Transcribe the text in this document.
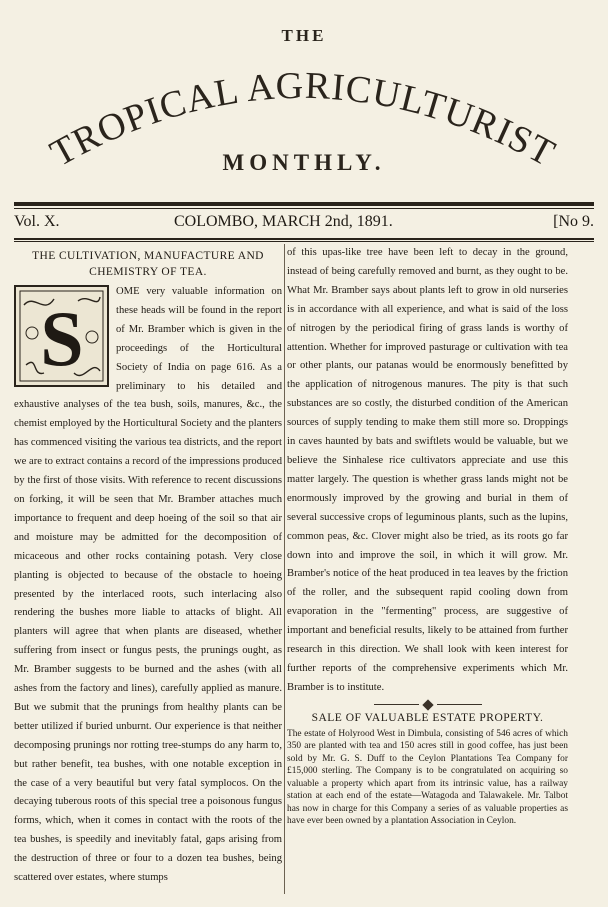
THE
TROPICAL AGRICULTURIST
MONTHLY.
Vol. X.	COLOMBO, MARCH 2nd, 1891.	[No 9.
THE CULTIVATION, MANUFACTURE AND CHEMISTRY OF TEA.
S

OME very valuable information on these heads will be found in the report of Mr. Bramber which is given in the proceedings of the Horticultural Society of India on page 616. As a preliminary to his detailed and exhaustive analyses of the tea bush, soils, manures, &c., the chemist employed by the Horticultural Society and the planters has commenced visiting the various tea districts, and the report we are to extract contains a record of the impressions produced by the first of those visits. With reference to recent discussions on forking, it will be seen that Mr. Bramber attaches much importance to frequent and deep hoeing of the soil so that air and moisture may be admitted for the decomposition of micaceous and other rocks containing potash. Very close planting is objected to because of the obstacle to hoeing presented by the interlaced roots, such interlacing also rendering the bushes more liable to attacks of blight. All planters will agree that when plants are diseased, whether suffering from insect or fungus pests, the prunings ought, as Mr. Bramber suggests to be burned and the ashes (with all ashes from the factory and lines), carefully applied as manure. But we submit that the prunings from healthy plants can be better utilized if buried unburnt. Our experience is that neither decomposing prunings nor rotting tree-stumps do any harm to, but rather benefit, tea bushes, with one notable exception in the case of a very beautiful but very fatal symplocos. On the decaying tuberous roots of this special tree a poisonous fungus forms, which, when it comes in contact with the roots of the tea bushes, is speedily and inevitably fatal, gaps arising from the destruction of three or four to a dozen tea bushes, being scattered over estates, where stumps

of this upas-like tree have been left to decay in the ground, instead of being carefully removed and burnt, as they ought to be. What Mr. Bramber says about plants left to grow in old nurseries is in accordance with all experience, and what is said of the loss of nitrogen by the periodical firing of grass lands is worthy of attention. Whether for improved pasturage or cultivation with tea or other plants, our patanas would be enormously benefitted by the application of nitrogenous manures. The pity is that such substances are so costly, the disturbed condition of the American sources of supply tending to make them still more so. Droppings in caves haunted by bats and swiftlets would be valuable, but we believe the Sinhalese rice cultivators appreciate and use this matter largely. The question is whether grass lands might not be enormously improved by the growing and burial in them of several successive crops of leguminous plants, such as the lupins, common peas, &c. Clover might also be tried, as its roots go far down into and improve the soil, in which it will grow. Mr. Bramber's notice of the heat produced in tea leaves by the friction of the roller, and the subsequent rapid cooling down from evaporation in the "fermenting" process, are suggestive of important and beneficial results, likely to be attained from further research in this direction. We shall look with keen interest for further reports of the comprehensive experiments which Mr. Bramber is to institute.

SALE OF VALUABLE ESTATE PROPERTY.

The estate of Holyrood West in Dimbula, consisting of 546 acres of which 350 are planted with tea and 150 acres still in good coffee, has just been sold by Mr. G. S. Duff to the Ceylon Plantations Tea Company for £15,000 sterling. The Company is to be congratulated on acquiring so valuable a property which apart from its intrinsic value, has a railway station at each end of the estate—Watagoda and Talawakele. Mr. Talbot has now in charge for this Company a series of as valuable properties as have ever been owned by a plantation Association in Ceylon.
